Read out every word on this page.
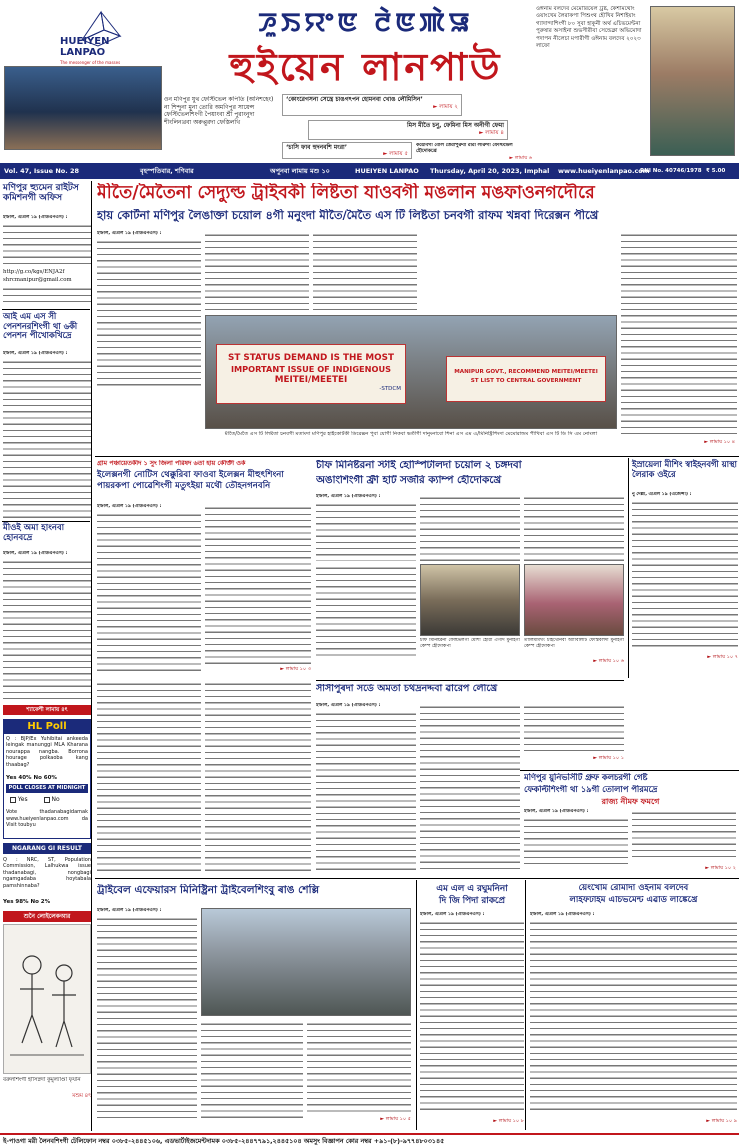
ওন মণিপুর যুথ ফেস্টিভেল কপিতি (অনিশহেং) না শিন্দুনা মুনা তোরি অমণিপুর সায়েন্স ফেস্টিভেলশিংগী পৈয়াংবা শ্রী পুরাংনুদা শীংলিনখ্রবা অরুপ্পুরদা ফেস্তিলখি
HUEIYEN
LANPAO
The messenger of the masses
ꯍꯨꯏꯌꯦꯟ ꯂꯥꯟꯄꯥꯎ
হুইয়েন লানপাউ
‘কোংরেগসনা সেন্ত্রে চাঙগৎপন হোমনবা খোঙ লৌমিসিন’
► লামায় ২
মিস মীতৈ চনু, ফেমিনা মিস অনীগী ফেমা
► লামায় ৪
‘চাসি ফাব হুদনবশি মংরা’
► লামায় ৫
কয়োবগী বোল তেরাপুরুবা রারী লীরুগী ফেস্টিভেল হৌদোকখ্রে
► লামায় ৬
ওঈনাম বলদেব মেমোরিয়েল ট্রষ্ট, কৈশামথোং ওয়াংখেম লৈরাকপা পিশুংথ হৌখিব নিশাইয়াং গ্যাদান্দাশিংগী ৮০ সুবা হাকুনী অর্থ এচিভমেন্টনা পুরুষার অসাইনা শুভসীরীবা সেন্ডেক্লা অভিমোদা পদাপন নীলেচা মপারীগী ওঈনাম বলদেব ২০২৩ লাফো
Vol. 47, Issue No. 28	বৃহস্পতিবার, শণিবার	অপুনবা লামায় মশু ১০	HUEIYEN LANPAO Thursday, April 20, 2023, Imphal www.hueiyenlanpao.com
RNI No. 40746/1978 ₹ 5.00
মণিপুর হ্যুমেন রাইটস কমিশনগী অফিস
ইম্ফাল, এপ্রিল ১৯ (ঐডিএনএস) :
http://g.co/kgs/ENJA2f
shrcmanipur@gmail.com
আই এম এস সী পেনশনরশিংগী থা ৬কী পেনশন পীখোকখিদ্রে
ইম্ফাল, এপ্রিল ১৯ (ঐডিএনএস) :
মীওই অমা হাংনবা হোনবদ্রে
ইম্ফাল, এপ্রিল ১৯ (ঐডিএনএস) :
শ্যাকেশী লামায় ৪ৎ
HL Poll
Q : BJP/Ex Yuhibitai ankeeda leingak manunggi MLA Kharana nourappa nangba. Borrona hourage polkaoba kang thaabag?
Yes 40% No 60%
POLL CLOSES AT MIDNIGHT
Yes	No
Vote thadanabagidamak www.hueiyenlanpao.com da Visit toubyu
NGARANG GI RESULT
Q : NRC, ST, Population Commission, Lalhukwa issue thadanabagi, nongbagi ngamgadaba hoytabala pamshinnaba?
Yes 98% No 2%
শুনৈ লোইলেকআর
বরুলশিংগী হাসিস্নদা কুমুল্যাণ্ডা ফৃযনি
মশুম ৪ৎ
মীতৈ/মৈতৈনা সেদ্যুল্ড ট্রাইবকী লিষ্টতা যাওবগী মঙলান মঙফাওনগদৌরে
হায় কোর্টনা মণিপুর লৈঙাক্তা চয়োল ৪গী মনুংদা মীতৈ/মৈতৈ এস টি লিষ্টতা চনবগী রাফম খন্নবা দিরেক্সন পীখ্রে
ইম্ফাল, এপ্রিল ১৯ (ঐডিএনএস) :
ST STATUS DEMAND IS THE MOST
IMPORTANT ISSUE OF INDIGENOUS
MEITEI/MEETEI
-STDCM
MANIPUR GOVT., RECOMMEND MEITEI/MEETEI
ST LIST TO CENTRAL GOVERNMENT
মীতৈ/মৈতৈ এস টি লিষ্টতা চনবগী মতাংদা মণিপুর হাইকোর্টকী ডিরেক্সন পুবা যোগী নিকবা ভতীগী দানুংনাবো শিনা এস এম এ/মিনিষ্ট্রিশিংদা মেমোরান্ডম পীখিবা এস টি ডি সি এম নোংলা
► লামায় ১০ ৪
গ্রাম পঞ্চায়েতকীদ ১ সুং জিলা পরিষদ ৬তা হায় কৌর্ক্তী ওর্ক
ইলেক্সনগী নোটিস থেক্কুরিবা ফাওবা ইলেক্সন মীহুৎশিংনা পায়রকপা পোৱেশিংগী মতুৎইয়া মথৌ তৌহনগনবনি
ইম্ফাল, এপ্রিল ১৯ (ঐডিএনএস) :
► লামায় ১০ ৩
চীফ মিনিষ্টরনা স্টাই হোস্পিটালদা চয়োল ২ চঙ্গদবা
অঙাংশিংগী ফ্রী হার্ট সর্জরি ক্যাম্প হৌদোকখ্রে
ইম্ফাল, এপ্রিল ১৯ (ঐডিএনএস) :
চীফ মিনিষ্টরনা ফেষ্টিভলগী মোশী হৌরা ঐগীদ মুনাইগী কেম্প হৌদোকপা
তালিমীমখং চাইথৌনবা অ্যাবিলিটি ফেস্তিবলদা মুনাইগী কেম্প হৌদোকপা
► লামায় ১০ ৬
ইস্রায়েলা মীশিং স্বাইহনবগী য়াস্থা লৈরাক ওইরে
নু দেল্লী, এপ্রিল ১৯ (এজেন্সী) :
► লামায় ১০ ৭
সীসীপুৰদা সৰ্ডে অমতা চথদ্রনদ্দবা ৱারেপ লৌখ্রে
ইম্ফাল, এপ্রিল ১৯ (ঐডিএনএস) :
► লামায় ১০ ১
মণিপুর য়ুনিভর্সিটি গ্রুফ কলচরগী গেষ্ট
ফেকল্টিশিংগী থা ১৯গী তোলাপ পীরমদ্রে
রাজ্য নীমফ ফমগে
ইম্ফাল, এপ্রিল ১৯ (ঐডিএনএস) :
► লামায় ১০ ২
ট্রাইবেল এফেয়ারস মিনিষ্ট্রিনা ট্রাইবেলশিংবু ৰাঙ শেল্লি
ইম্ফাল, এপ্রিল ১৯ (ঐডিএনএস) :
► লামায় ১০ ৫
এম এল এ রঘুমনিনা
দি জি পিদা রাকপ্রে
ইম্ফাল, এপ্রিল ১৯ (ঐডিএনএস) :
► লামায় ১০ ৮
য়েংখোম রোমাদা ওইনাম বলদেব
লাইফটাইম এচিভমেন্ট এৱার্ড লাঙ্কেখ্রে
ইম্ফাল, এপ্রিল ১৯ (ঐডিএনএস) :
► লামায় ১০ ৯
ই-পাওগা মরী লৈনবশিংগী টেলিফোন নম্বর ০৩৮৫-২৪৪৫১০৬, এডভার্টাইজমেন্টদামক ০৩৮৫-২৪৪৭৭৯১,২৪৪৫১০৪ অমসুং বিজ্ঞাপন কোর নম্বর +৯১-(৮)-৯৭৭৪৮০৩১৪৫
